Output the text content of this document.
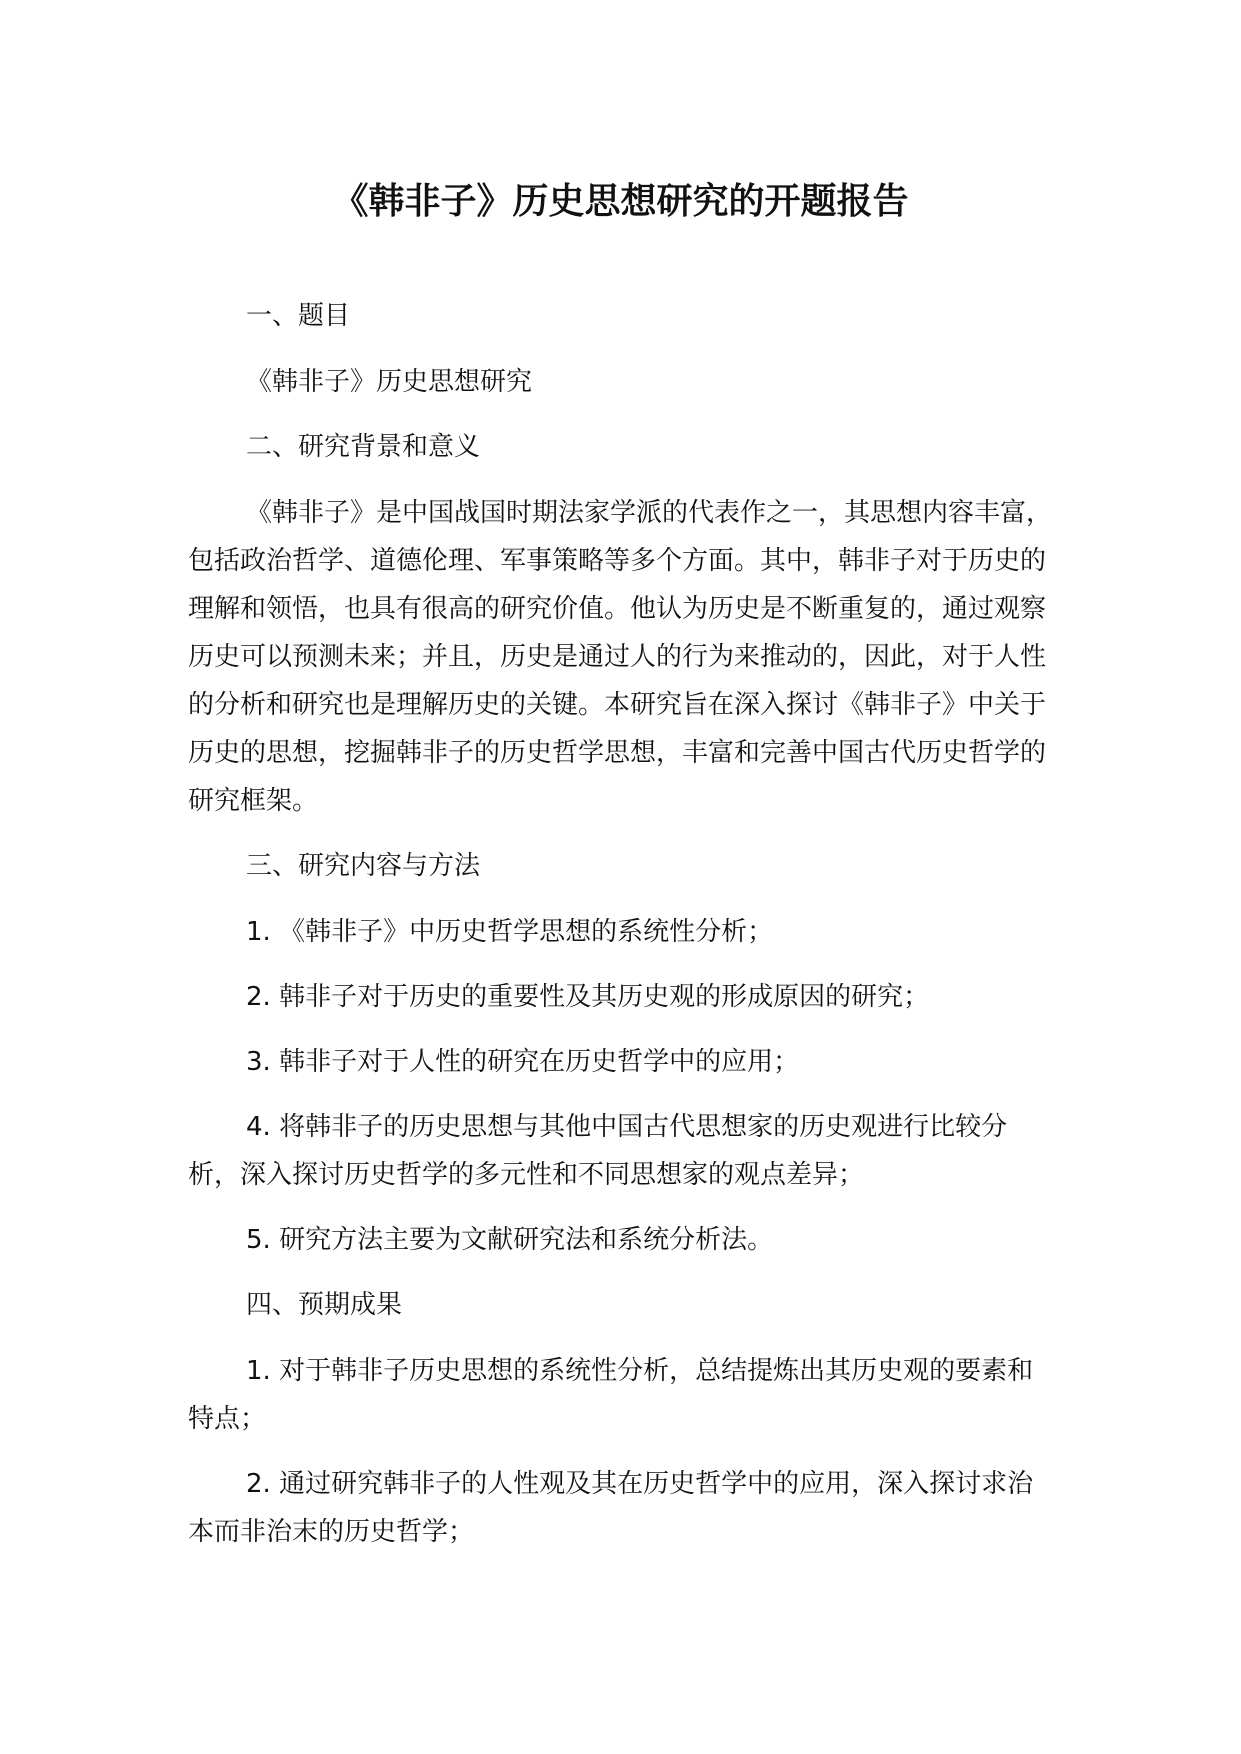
《韩非子》历史思想研究的开题报告

一、题目

《韩非子》历史思想研究

二、研究背景和意义

《韩非子》是中国战国时期法家学派的代表作之一，其思想内容丰富，包括政治哲学、道德伦理、军事策略等多个方面。其中，韩非子对于历史的理解和领悟，也具有很高的研究价值。他认为历史是不断重复的，通过观察历史可以预测未来；并且，历史是通过人的行为来推动的，因此，对于人性的分析和研究也是理解历史的关键。本研究旨在深入探讨《韩非子》中关于历史的思想，挖掘韩非子的历史哲学思想，丰富和完善中国古代历史哲学的研究框架。

三、研究内容与方法

1. 《韩非子》中历史哲学思想的系统性分析；

2. 韩非子对于历史的重要性及其历史观的形成原因的研究；

3. 韩非子对于人性的研究在历史哲学中的应用；

4. 将韩非子的历史思想与其他中国古代思想家的历史观进行比较分析，深入探讨历史哲学的多元性和不同思想家的观点差异；

5. 研究方法主要为文献研究法和系统分析法。

四、预期成果

1. 对于韩非子历史思想的系统性分析，总结提炼出其历史观的要素和特点；

2. 通过研究韩非子的人性观及其在历史哲学中的应用，深入探讨求治本而非治末的历史哲学；
